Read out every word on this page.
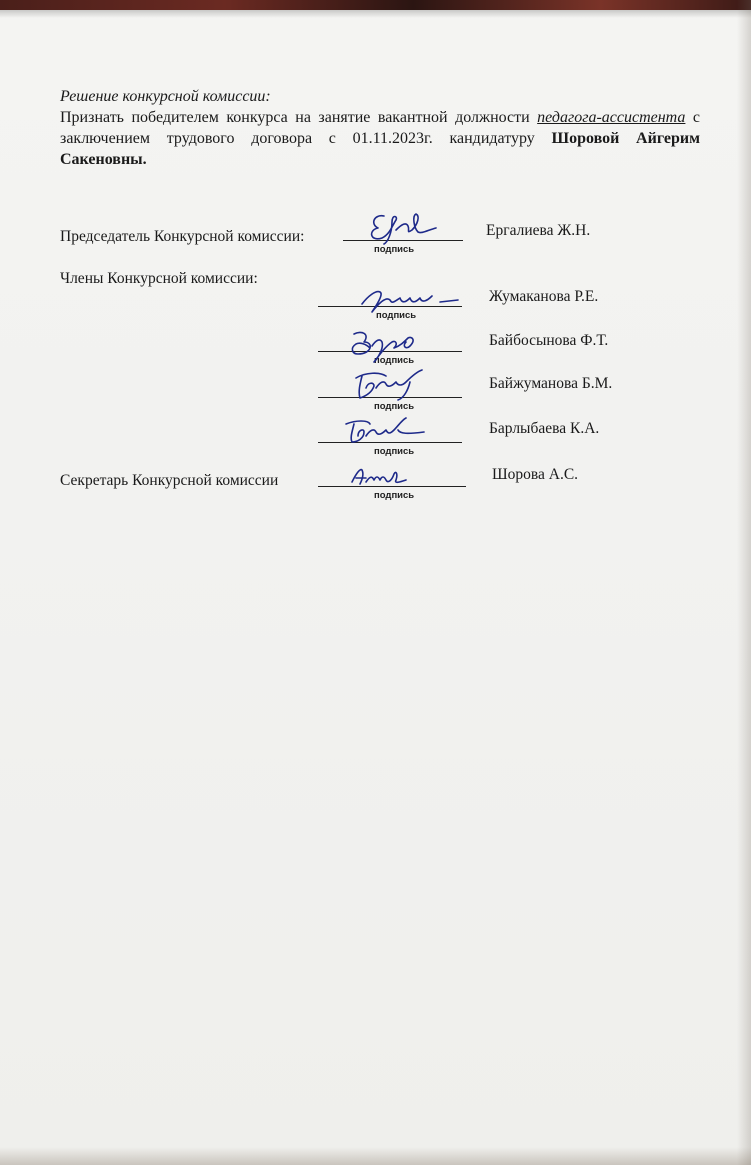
Решение конкурсной комиссии:

Признать победителем конкурса на занятие вакантной должности педагога-ассистента с заключением трудового договора с 01.11.2023г. кандидатуру Шоровой Айгерим Сакеновны.

Председатель Конкурсной комиссии:
подпись
Ергалиева Ж.Н.
Члены Конкурсной комиссии:
подпись
Жумаканова Р.Е.
подпись
Байбосынова Ф.Т.
подпись
Байжуманова Б.М.
подпись
Барлыбаева К.А.
Секретарь Конкурсной комиссии
подпись
Шорова А.С.
